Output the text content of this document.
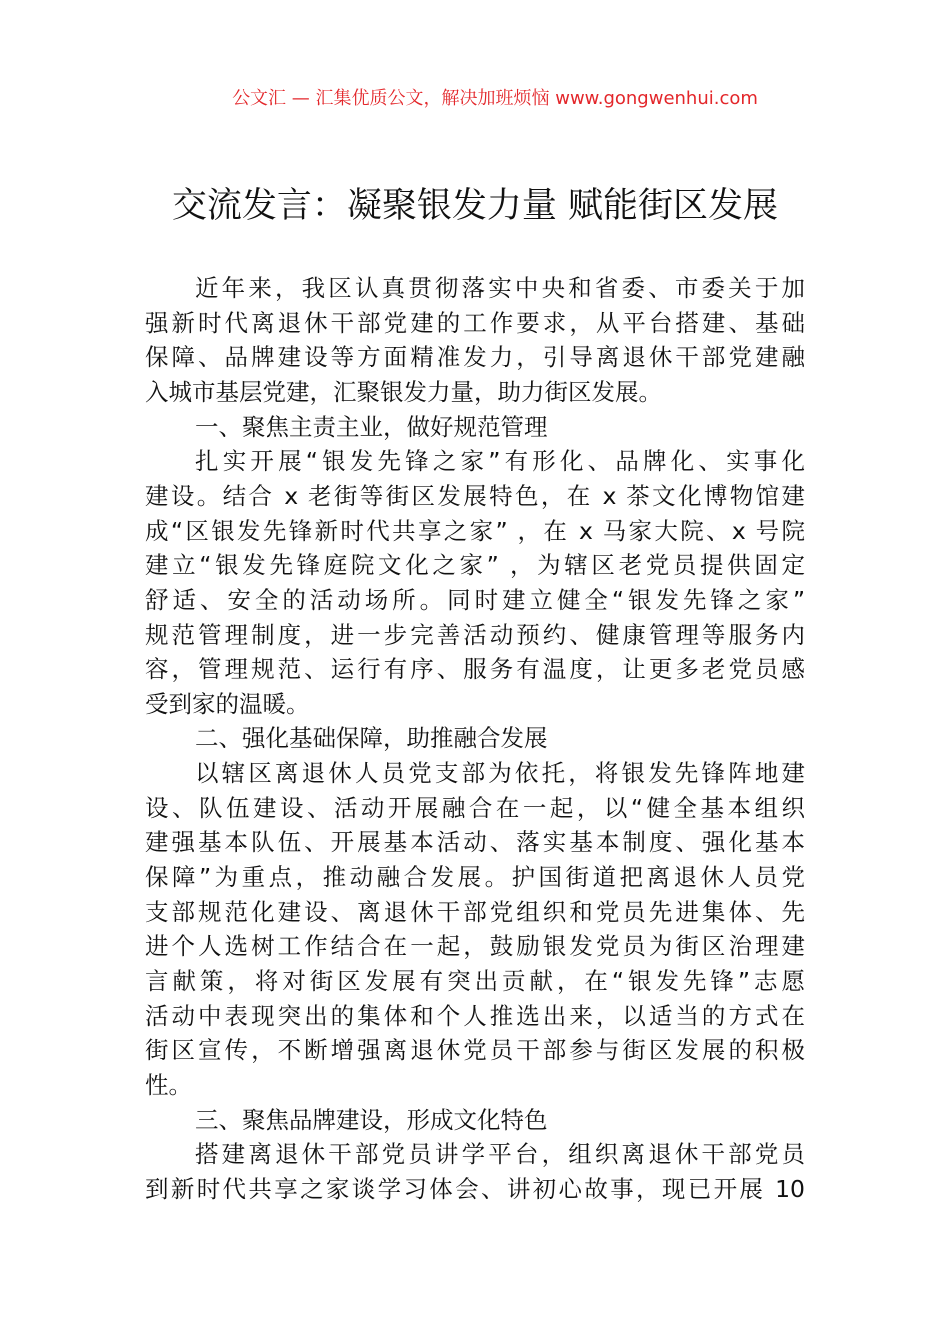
公文汇 — 汇集优质公文，解决加班烦恼 www.gongwenhui.com
交流发言：凝聚银发力量 赋能街区发展
近年来，我区认真贯彻落实中央和省委、市委关于加
强新时代离退休干部党建的工作要求，从平台搭建、基础
保障、品牌建设等方面精准发力，引导离退休干部党建融
入城市基层党建，汇聚银发力量，助力街区发展。
一、聚焦主责主业，做好规范管理
扎实开展“银发先锋之家”有形化、品牌化、实事化
建设。结合 x 老街等街区发展特色，在 x 茶文化博物馆建
成“区银发先锋新时代共享之家” ，在 x 马家大院、x 号院
建立“银发先锋庭院文化之家” ，为辖区老党员提供固定
舒适、安全的活动场所。同时建立健全“银发先锋之家”
规范管理制度，进一步完善活动预约、健康管理等服务内
容，管理规范、运行有序、服务有温度，让更多老党员感
受到家的温暖。
二、强化基础保障，助推融合发展
以辖区离退休人员党支部为依托，将银发先锋阵地建
设、队伍建设、活动开展融合在一起，以“健全基本组织
建强基本队伍、开展基本活动、落实基本制度、强化基本
保障”为重点，推动融合发展。护国街道把离退休人员党
支部规范化建设、离退休干部党组织和党员先进集体、先
进个人选树工作结合在一起，鼓励银发党员为街区治理建
言献策，将对街区发展有突出贡献，在“银发先锋”志愿
活动中表现突出的集体和个人推选出来，以适当的方式在
街区宣传，不断增强离退休党员干部参与街区发展的积极
性。
三、聚焦品牌建设，形成文化特色
搭建离退休干部党员讲学平台，组织离退休干部党员
到新时代共享之家谈学习体会、讲初心故事，现已开展 10
